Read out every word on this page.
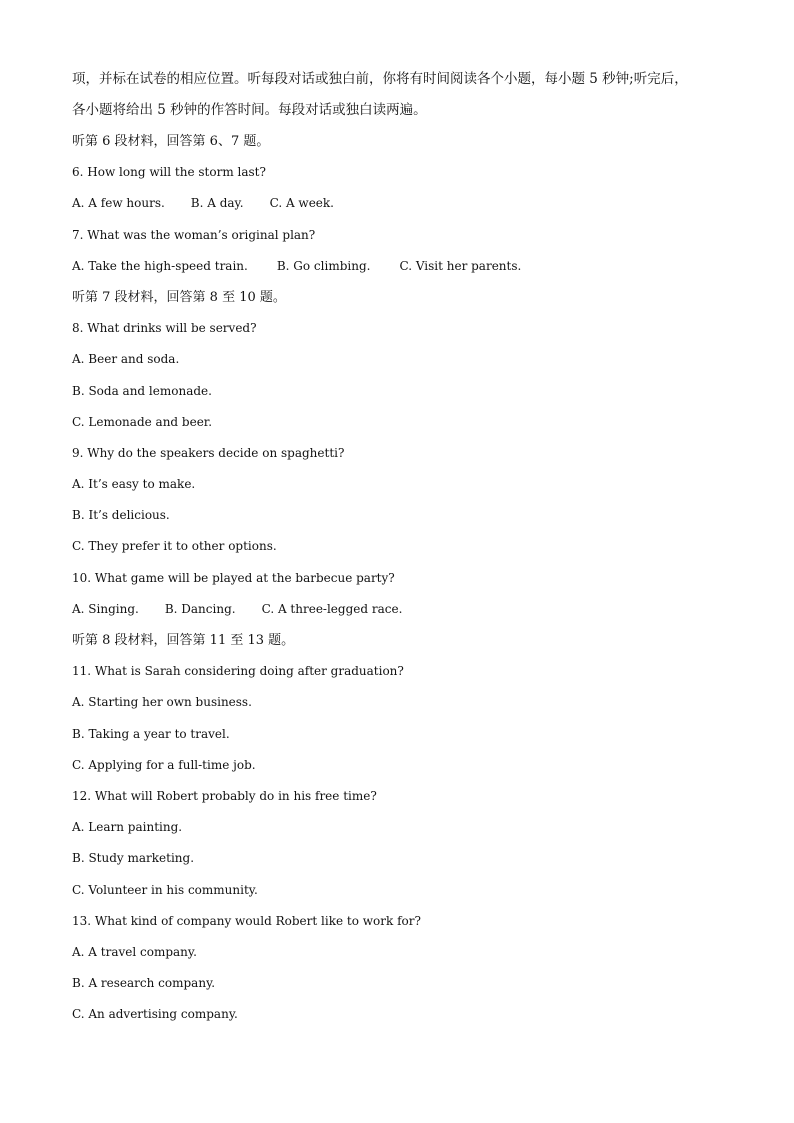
项，并标在试卷的相应位置。听每段对话或独白前，你将有时间阅读各个小题，每小题 5 秒钟;听完后，
各小题将给出 5 秒钟的作答时间。每段对话或独白读两遍。

听第 6 段材料，回答第 6、7 题。
6. How long will the storm last?
A. A few hours. B. A day. C. A week.
7. What was the woman’s original plan?
A. Take the high-speed train. B. Go climbing. C. Visit her parents.
听第 7 段材料，回答第 8 至 10 题。
8. What drinks will be served?
A. Beer and soda.
B. Soda and lemonade.
C. Lemonade and beer.
9. Why do the speakers decide on spaghetti?
A. It’s easy to make.
B. It’s delicious.
C. They prefer it to other options.
10. What game will be played at the barbecue party?
A. Singing. B. Dancing. C. A three-legged race.
听第 8 段材料，回答第 11 至 13 题。
11. What is Sarah considering doing after graduation?
A. Starting her own business.
B. Taking a year to travel.
C. Applying for a full-time job.
12. What will Robert probably do in his free time?
A. Learn painting.
B. Study marketing.
C. Volunteer in his community.
13. What kind of company would Robert like to work for?
A. A travel company.
B. A research company.
C. An advertising company.
